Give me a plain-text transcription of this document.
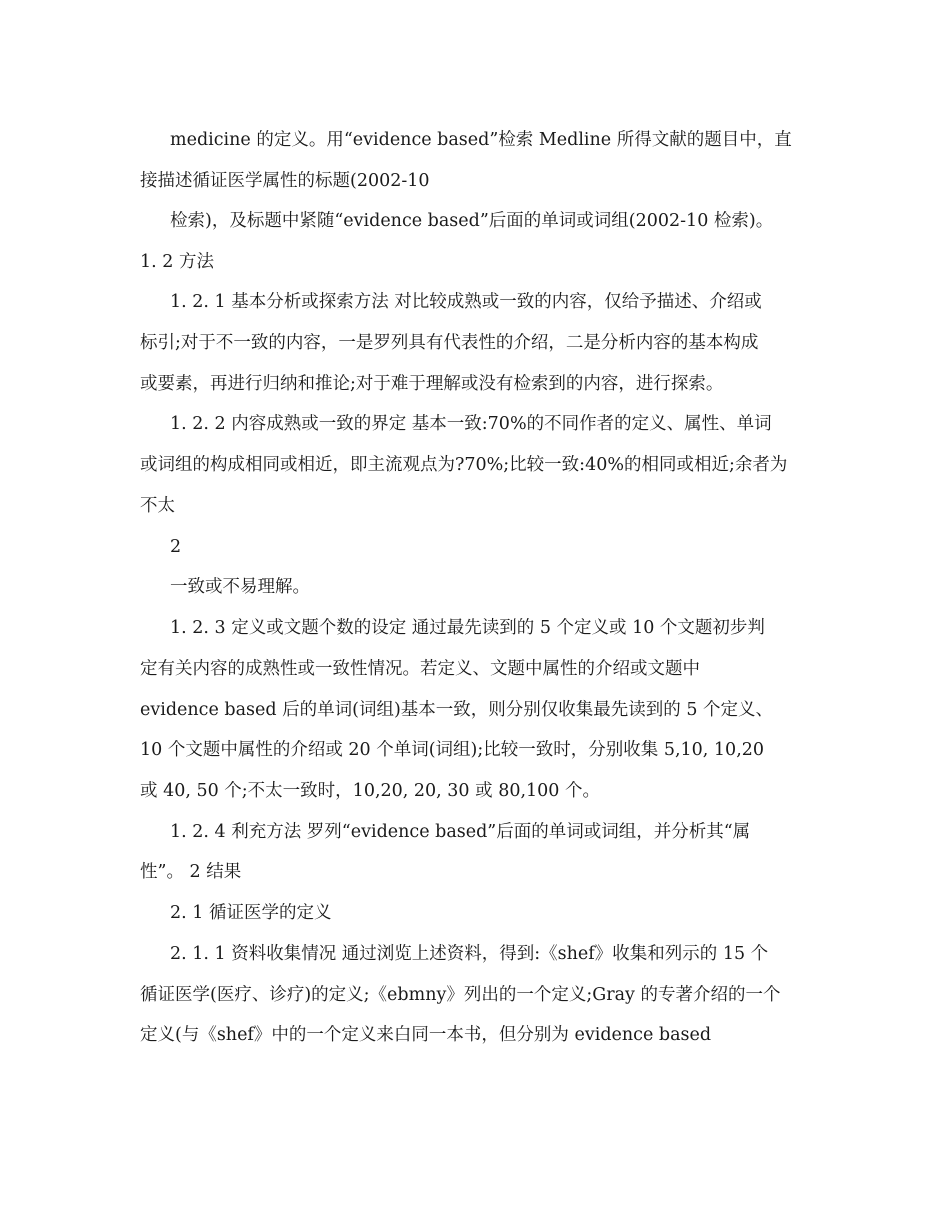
medicine 的定义。用“evidence based”检索 Medline 所得文献的题目中，直
接描述循证医学属性的标题(2002-10
检索)，及标题中紧随“evidence based”后面的单词或词组(2002-10 检索)。
1. 2 方法
1. 2. 1 基本分析或探索方法 对比较成熟或一致的内容，仅给予描述、介绍或
标引;对于不一致的内容，一是罗列具有代表性的介绍，二是分析内容的基本构成
或要素，再进行归纳和推论;对于难于理解或没有检索到的内容，进行探索。
1. 2. 2 内容成熟或一致的界定 基本一致:70%的不同作者的定义、属性、单词
或词组的构成相同或相近，即主流观点为?70%;比较一致:40%的相同或相近;余者为
不太
2
一致或不易理解。
1. 2. 3 定义或文题个数的设定 通过最先读到的 5 个定义或 10 个文题初步判
定有关内容的成熟性或一致性情况。若定义、文题中属性的介绍或文题中
evidence based 后的单词(词组)基本一致，则分别仅收集最先读到的 5 个定义、
10 个文题中属性的介绍或 20 个单词(词组);比较一致时，分别收集 5,10, 10,20
或 40, 50 个;不太一致时，10,20, 20, 30 或 80,100 个。
1. 2. 4 利充方法 罗列“evidence based”后面的单词或词组，并分析其“属
性”。 2 结果
2. 1 循证医学的定义
2. 1. 1 资料收集情况 通过浏览上述资料，得到:《shef》收集和列示的 15 个
循证医学(医疗、诊疗)的定义;《ebmny》列出的一个定义;Gray 的专著介绍的一个
定义(与《shef》中的一个定义来白同一本书，但分别为 evidence based
